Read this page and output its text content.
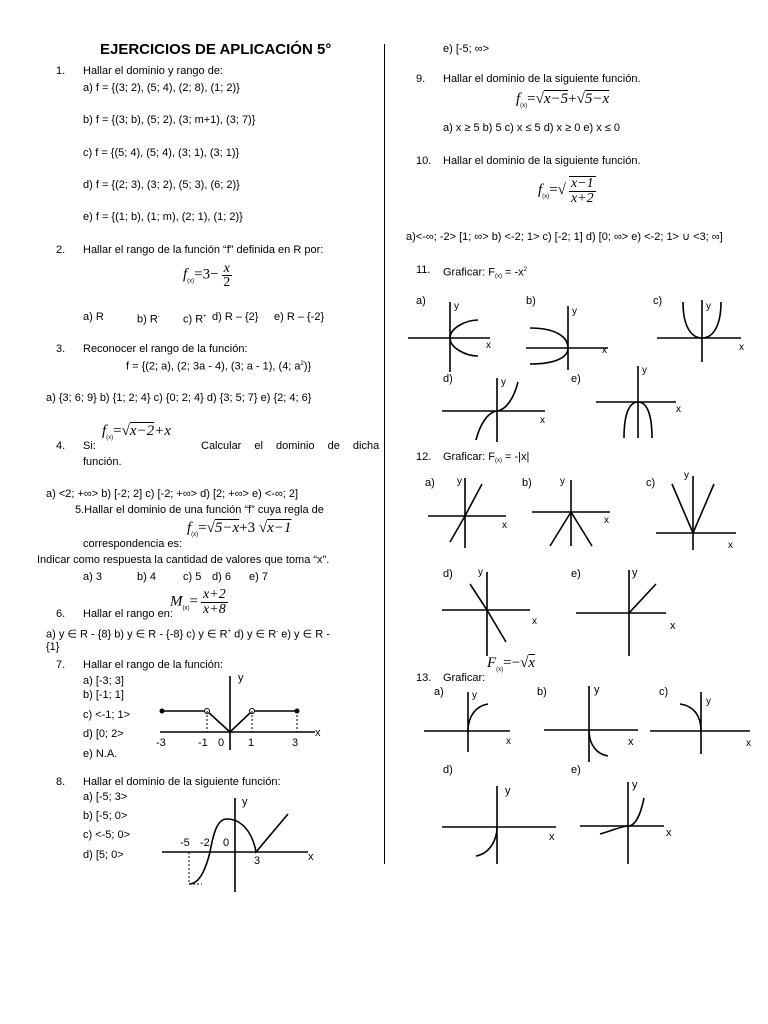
EJERCICIOS DE APLICACIÓN 5°
1. Hallar el dominio y rango de:
a) f = {(3; 2), (5; 4), (2; 8), (1; 2)}
b) f = {(3; b), (5; 2), (3; m+1), (3; 7)}
c) f = {(5; 4), (5; 4), (3; 1), (3; 1)}
d) f = {(2; 3), (3; 2), (5; 3), (6; 2)}
e) f = {(1; b), (1; m), (2; 1), (1; 2)}
2. Hallar el rango de la función “f” definida en R por:
$f_{(x)}=3- \frac{x}{2}$
a) R	b) R- c) R+ d) R – {2} e) R – {-2}
3. Reconocer el rango de la función:
f = {(2; a), (2; 3a - 4), (3; a - 1), (4; $a^2$)}
a) {3; 6; 9} b) {1; 2; 4} c) {0; 2; 4} d) {3; 5; 7} e) {2; 4; 6}
4. Si:
$f_{(x)}=√x-2+x$
Calcular el dominio de dicha
función.
a) <2; +∞> b) [-2; 2] c) [-2; +∞> d) [2; +∞> e) <-∞; 2]
5.Hallar el dominio de una función “f” cuya regla de
correspondencia es:
$f_{(x)}=√5-x+3$ √x−1
Indicar como respuesta la cantidad de valores que toma “x”.
a) 3	b) 4 c) 5 d) 6 e) 7
6. Hallar el rango en:
$M_{(x)}= \frac{x+2}{x+8}$
a) y ∈ R - {8} b) y ∈ R - {-8} c) y ∈ R+ d) y ∈ R- e) y ∈ R -
{1}
7. Hallar el rango de la función:
a) [-3; 3]
b) [-1; 1]
c) <-1; 1>
d) [0; 2>
e) N.A.
y
x
-3	-1 0 1	3
8. Hallar el dominio de la siguiente función:
a) [-5; 3>
b) [-5; 0>
c) <-5; 0>
d) [5; 0>
y
x
-5 -2 0
3
e) [-5; ∞>
9. Hallar el dominio de la siguiente función.
$f_{(x)}=√x-5+√5-x$
a) x ≥ 5 b) 5 c) x ≤ 5 d) x ≥ 0 e) x ≤ 0
10. Hallar el dominio de la siguiente función.
$f_{(x)}=√ \frac{x-1}{x+2}$
a)<-∞; -2> [1; ∞> b) <-2; 1> c) [-2; 1] d) [0; ∞> e) <-2; 1> ∪ <3; ∞]
11. Graficar: $F(x) = -x^2$
a)	b)	c)
d)	e)
y
x
y
x
y
x
y
x
y
x
12. Graficar: F(x) = -|x|
a)	b)	c)
d)	e)
y
x
y
x
y
x
y
x
y
x
13. Graficar:
$F_{(x)}=-√x$
a)	b)	c)
d)	e)
y
x
y
x
y
x
y
x
y
x
